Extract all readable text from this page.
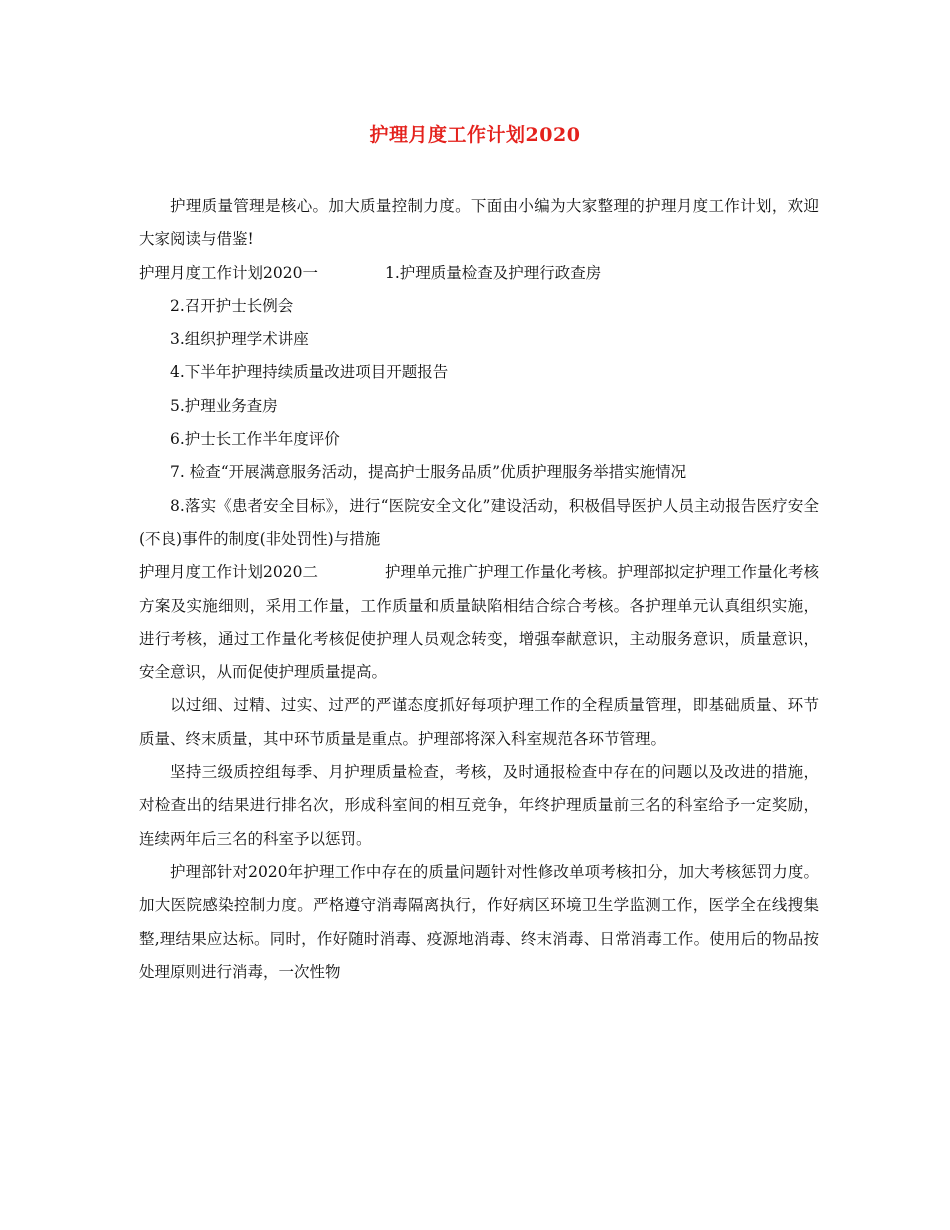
护理月度工作计划2020

护理质量管理是核心。加大质量控制力度。下面由小编为大家整理的护理月度工作计划，欢迎大家阅读与借鉴!

护理月度工作计划2020一	1.护理质量检查及护理行政查房

2.召开护士长例会

3.组织护理学术讲座

4.下半年护理持续质量改进项目开题报告

5.护理业务查房

6.护士长工作半年度评价

7. 检查“开展满意服务活动，提高护士服务品质”优质护理服务举措实施情况

8.落实《患者安全目标》，进行“医院安全文化”建设活动，积极倡导医护人员主动报告医疗安全(不良)事件的制度(非处罚性)与措施

护理月度工作计划2020二	护理单元推广护理工作量化考核。护理部拟定护理工作量化考核方案及实施细则，采用工作量，工作质量和质量缺陷相结合综合考核。各护理单元认真组织实施，进行考核，通过工作量化考核促使护理人员观念转变，增强奉献意识，主动服务意识，质量意识，安全意识，从而促使护理质量提高。

以过细、过精、过实、过严的严谨态度抓好每项护理工作的全程质量管理，即基础质量、环节质量、终末质量，其中环节质量是重点。护理部将深入科室规范各环节管理。

坚持三级质控组每季、月护理质量检查，考核，及时通报检查中存在的问题以及改进的措施，对检查出的结果进行排名次，形成科室间的相互竞争，年终护理质量前三名的科室给予一定奖励，连续两年后三名的科室予以惩罚。

护理部针对2020年护理工作中存在的质量问题针对性修改单项考核扣分，加大考核惩罚力度。加大医院感染控制力度。严格遵守消毒隔离执行，作好病区环境卫生学监测工作，医学全在线搜集整,理结果应达标。同时，作好随时消毒、疫源地消毒、终末消毒、日常消毒工作。使用后的物品按处理原则进行消毒，一次性物
